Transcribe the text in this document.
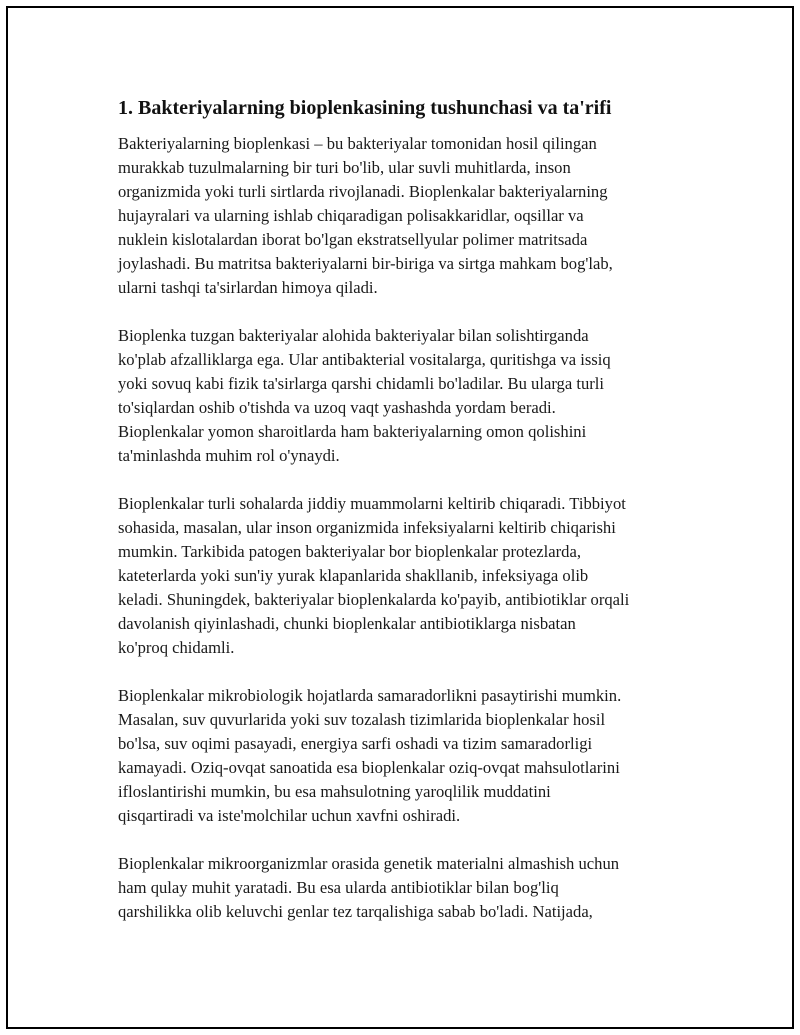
1. Bakteriyalarning bioplenkasining tushunchasi va ta'rifi

Bakteriyalarning bioplenkasi – bu bakteriyalar tomonidan hosil qilingan
murakkab tuzulmalarning bir turi bo'lib, ular suvli muhitlarda, inson
organizmida yoki turli sirtlarda rivojlanadi. Bioplenkalar bakteriyalarning
hujayralari va ularning ishlab chiqaradigan polisakkaridlar, oqsillar va
nuklein kislotalardan iborat bo'lgan ekstratsellyular polimer matritsada
joylashadi. Bu matritsa bakteriyalarni bir-biriga va sirtga mahkam bog'lab,
ularni tashqi ta'sirlardan himoya qiladi.

Bioplenka tuzgan bakteriyalar alohida bakteriyalar bilan solishtirganda
ko'plab afzalliklarga ega. Ular antibakterial vositalarga, quritishga va issiq
yoki sovuq kabi fizik ta'sirlarga qarshi chidamli bo'ladilar. Bu ularga turli
to'siqlardan oshib o'tishda va uzoq vaqt yashashda yordam beradi.
Bioplenkalar yomon sharoitlarda ham bakteriyalarning omon qolishini
ta'minlashda muhim rol o'ynaydi.

Bioplenkalar turli sohalarda jiddiy muammolarni keltirib chiqaradi. Tibbiyot
sohasida, masalan, ular inson organizmida infeksiyalarni keltirib chiqarishi
mumkin. Tarkibida patogen bakteriyalar bor bioplenkalar protezlarda,
kateterlarda yoki sun'iy yurak klapanlarida shakllanib, infeksiyaga olib
keladi. Shuningdek, bakteriyalar bioplenkalarda ko'payib, antibiotiklar orqali
davolanish qiyinlashadi, chunki bioplenkalar antibiotiklarga nisbatan
ko'proq chidamli.

Bioplenkalar mikrobiologik hojatlarda samaradorlikni pasaytirishi mumkin.
Masalan, suv quvurlarida yoki suv tozalash tizimlarida bioplenkalar hosil
bo'lsa, suv oqimi pasayadi, energiya sarfi oshadi va tizim samaradorligi
kamayadi. Oziq-ovqat sanoatida esa bioplenkalar oziq-ovqat mahsulotlarini
ifloslantirishi mumkin, bu esa mahsulotning yaroqlilik muddatini
qisqartiradi va iste'molchilar uchun xavfni oshiradi.

Bioplenkalar mikroorganizmlar orasida genetik materialni almashish uchun
ham qulay muhit yaratadi. Bu esa ularda antibiotiklar bilan bog'liq
qarshilikka olib keluvchi genlar tez tarqalishiga sabab bo'ladi. Natijada,
